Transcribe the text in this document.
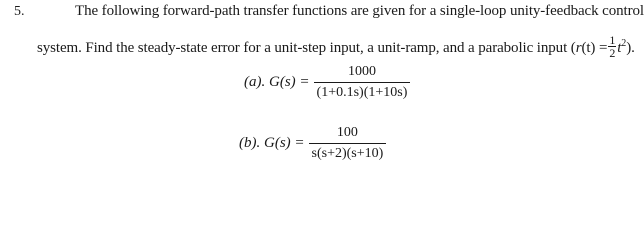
5.	The following forward-path transfer functions are given for a single-loop unity-feedback control
system. Find the steady-state error for a unit-step input, a unit-ramp, and a parabolic input $(r(t) = \frac{1}{2} t^2)$.
(a). $G(s) = \frac{1000}{(1+0.1s)(1+10s)}$
(b). $G(s) = \frac{100}{s(s+2)(s+10)}$
